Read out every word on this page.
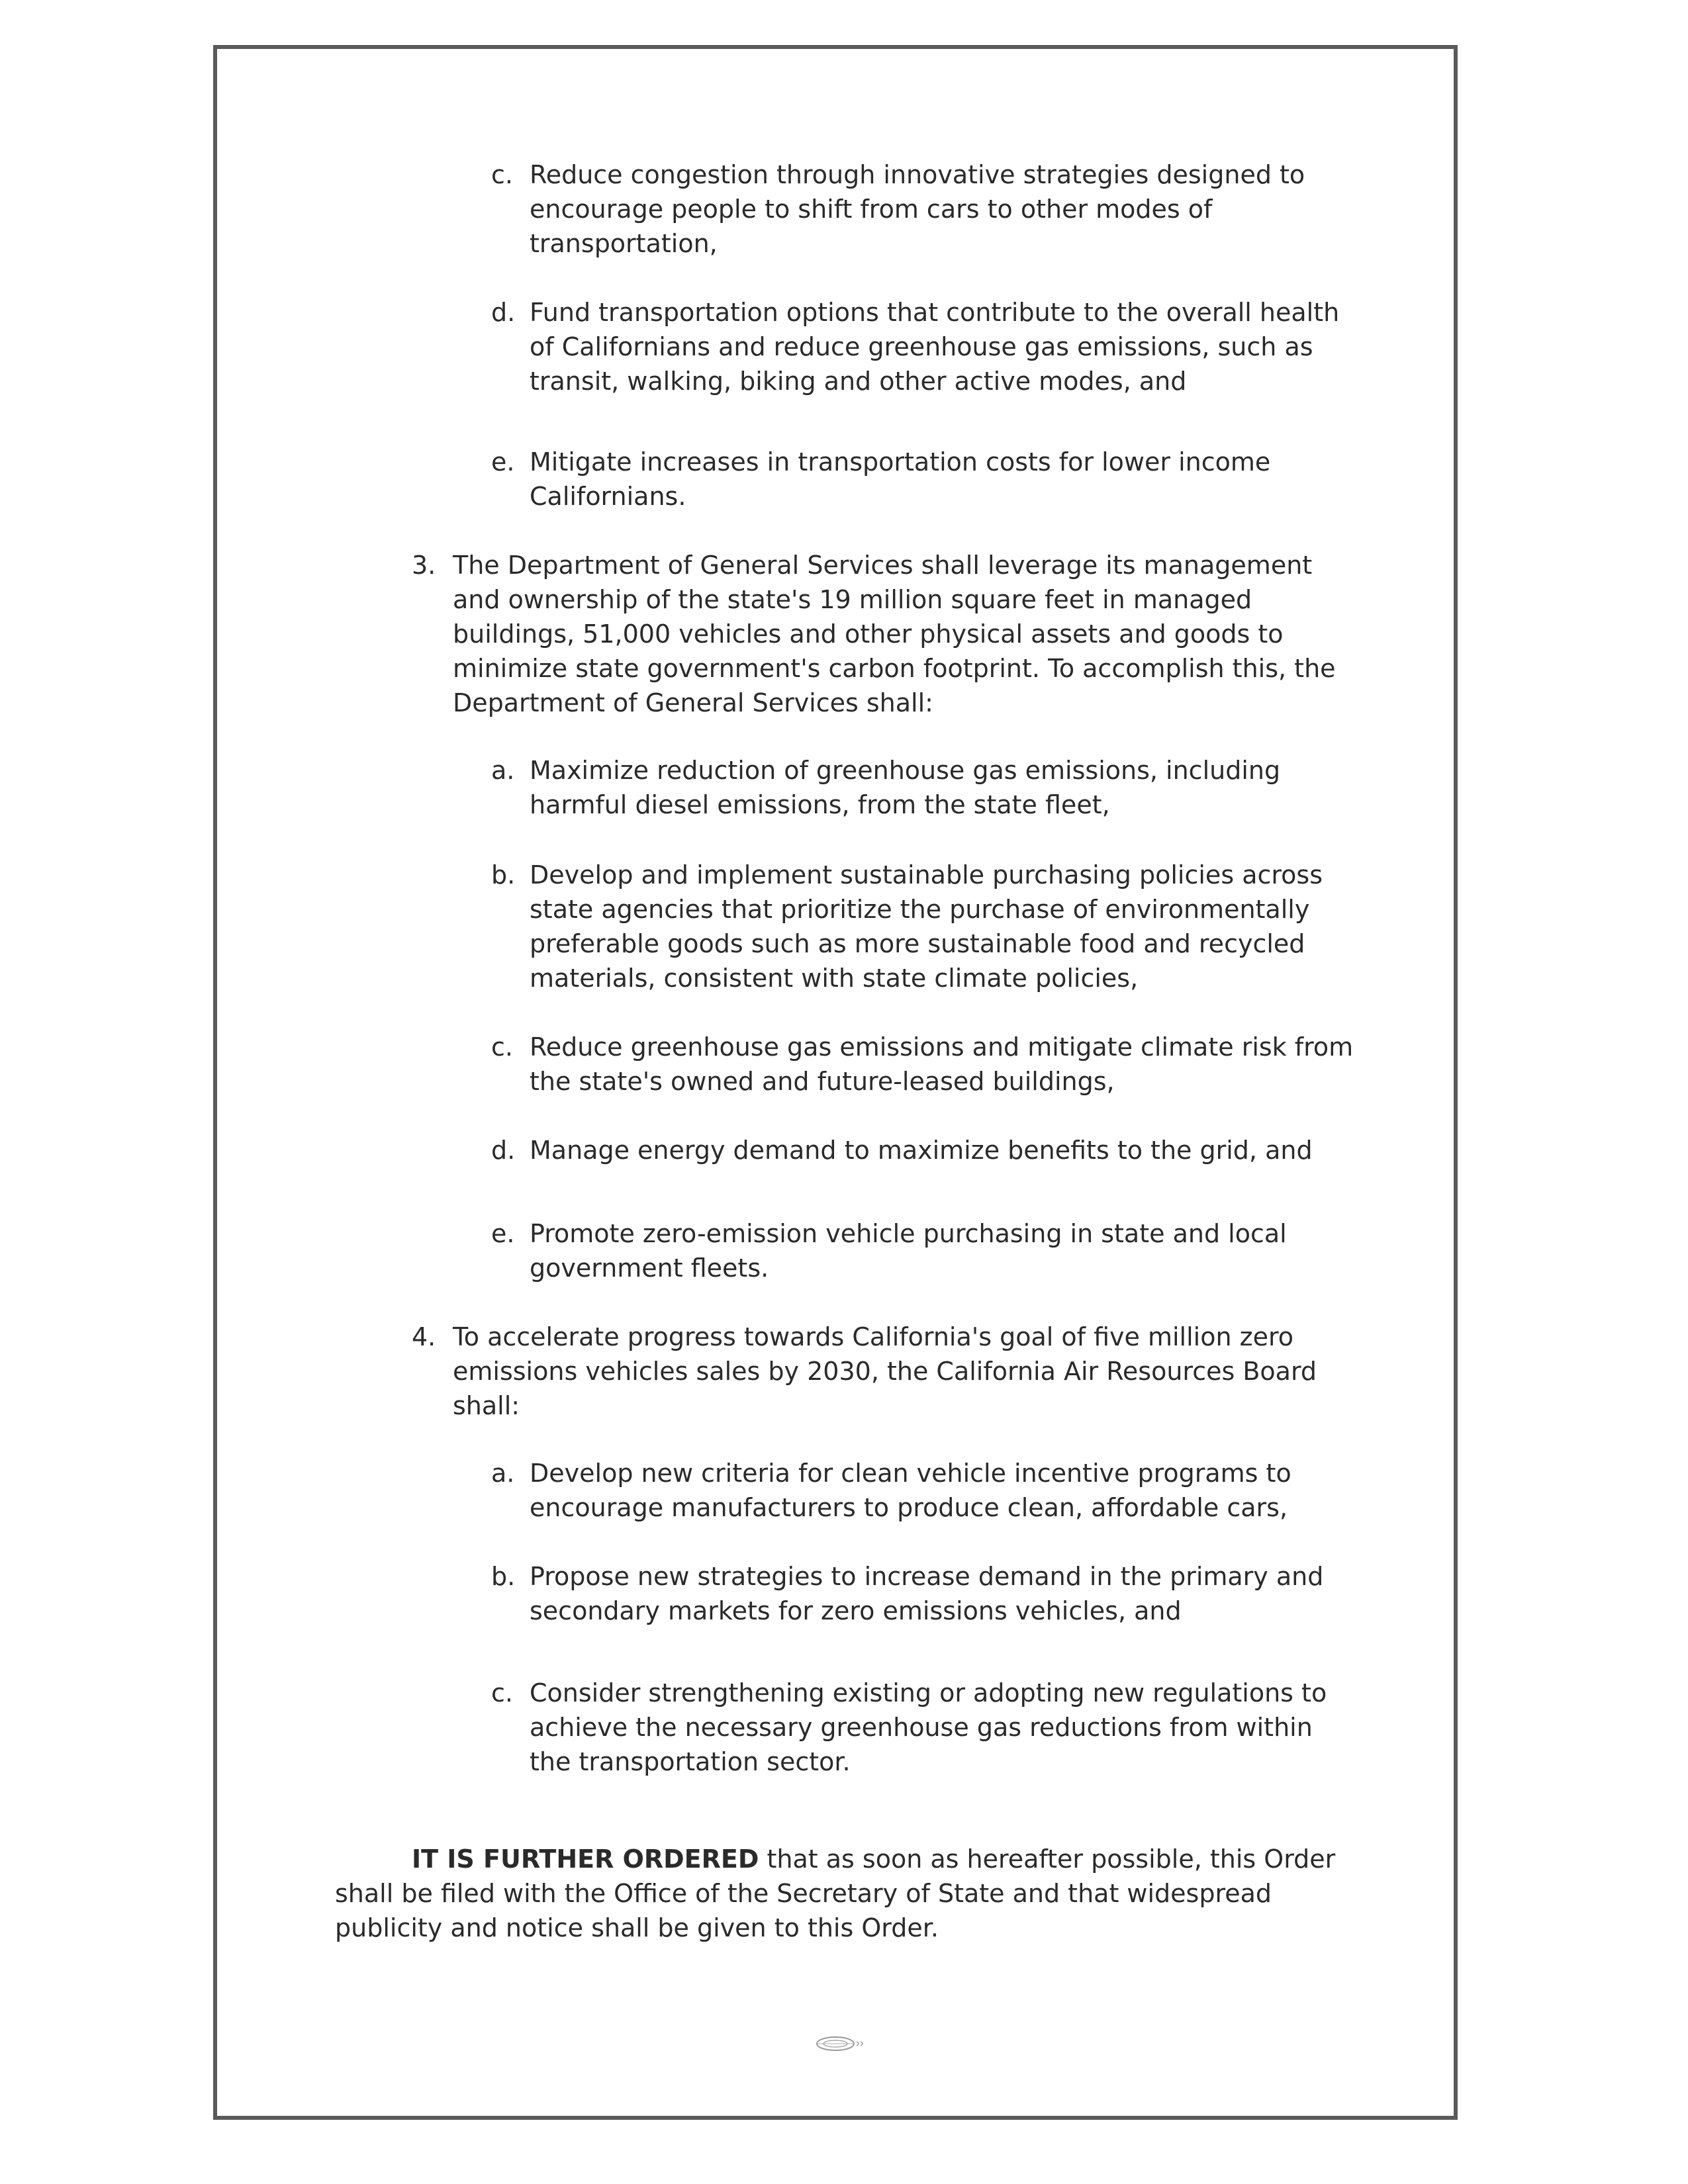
c. Reduce congestion through innovative strategies designed to
encourage people to shift from cars to other modes of
transportation,
d. Fund transportation options that contribute to the overall health
of Californians and reduce greenhouse gas emissions, such as
transit, walking, biking and other active modes, and
e. Mitigate increases in transportation costs for lower income
Californians.
3. The Department of General Services shall leverage its management
and ownership of the state's 19 million square feet in managed
buildings, 51,000 vehicles and other physical assets and goods to
minimize state government's carbon footprint. To accomplish this, the
Department of General Services shall:
a. Maximize reduction of greenhouse gas emissions, including
harmful diesel emissions, from the state fleet,
b. Develop and implement sustainable purchasing policies across
state agencies that prioritize the purchase of environmentally
preferable goods such as more sustainable food and recycled
materials, consistent with state climate policies,
c. Reduce greenhouse gas emissions and mitigate climate risk from
the state's owned and future-leased buildings,
d. Manage energy demand to maximize benefits to the grid, and
e. Promote zero-emission vehicle purchasing in state and local
government fleets.
4. To accelerate progress towards California's goal of five million zero
emissions vehicles sales by 2030, the California Air Resources Board
shall:
a. Develop new criteria for clean vehicle incentive programs to
encourage manufacturers to produce clean, affordable cars,
b. Propose new strategies to increase demand in the primary and
secondary markets for zero emissions vehicles, and
c. Consider strengthening existing or adopting new regulations to
achieve the necessary greenhouse gas reductions from within
the transportation sector.
IT IS FURTHER ORDERED that as soon as hereafter possible, this Order shall be filed with the Office of the Secretary of State and that widespread publicity and notice shall be given to this Order.
